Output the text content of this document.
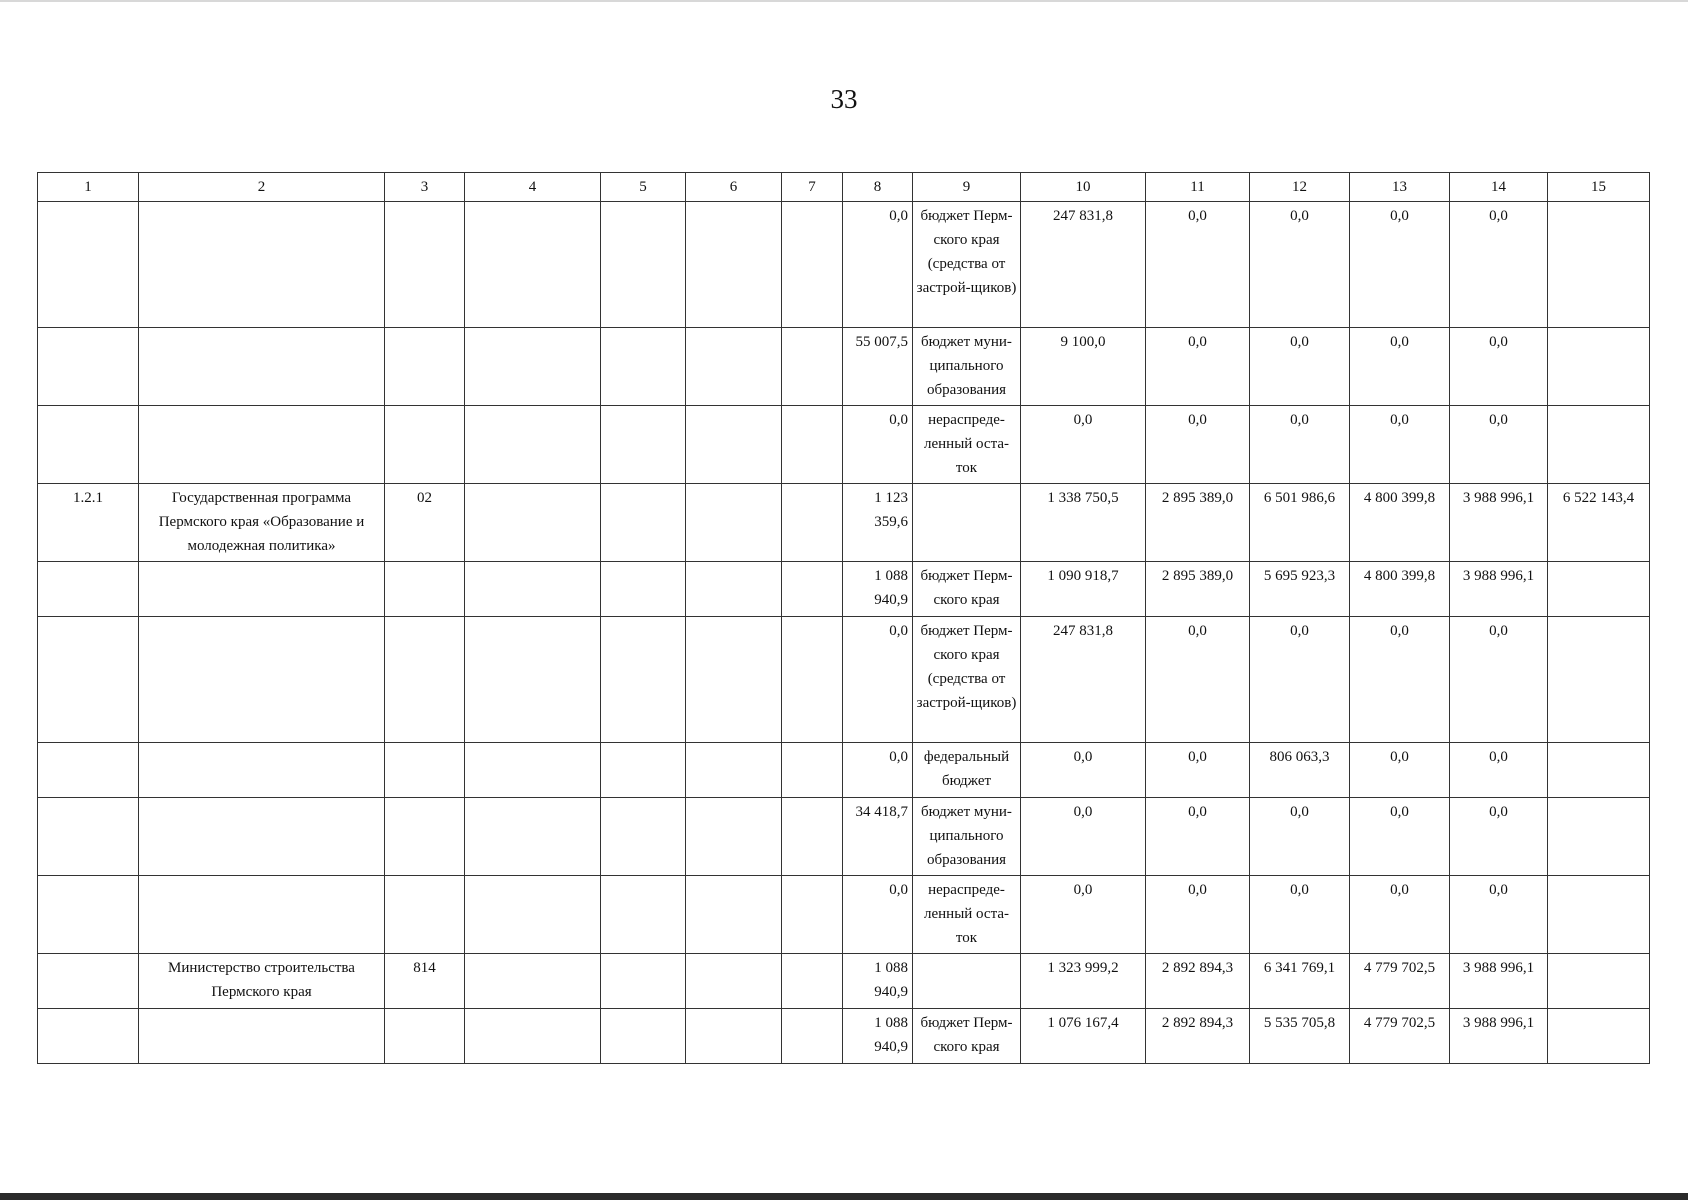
33
1	2	3	4	5	6	7	8	9	10	11	12	13	14	15
							0,0	бюджет Перм-ского края (средства от застрой-щиков)	247 831,8	0,0	0,0	0,0	0,0	
							55 007,5	бюджет муни-ципального образования	9 100,0	0,0	0,0	0,0	0,0	
							0,0	нераспреде-ленный оста-ток	0,0	0,0	0,0	0,0	0,0	
1.2.1	Государственная программа Пермского края «Образование и молодежная политика»	02					1 123 359,6		1 338 750,5	2 895 389,0	6 501 986,6	4 800 399,8	3 988 996,1	6 522 143,4
							1 088 940,9	бюджет Перм-ского края	1 090 918,7	2 895 389,0	5 695 923,3	4 800 399,8	3 988 996,1	
							0,0	бюджет Перм-ского края (средства от застрой-щиков)	247 831,8	0,0	0,0	0,0	0,0	
							0,0	федеральный бюджет	0,0	0,0	806 063,3	0,0	0,0	
							34 418,7	бюджет муни-ципального образования	0,0	0,0	0,0	0,0	0,0	
							0,0	нераспреде-ленный оста-ток	0,0	0,0	0,0	0,0	0,0	
	Министерство строительства Пермского края	814					1 088 940,9		1 323 999,2	2 892 894,3	6 341 769,1	4 779 702,5	3 988 996,1	
							1 088 940,9	бюджет Перм-ского края	1 076 167,4	2 892 894,3	5 535 705,8	4 779 702,5	3 988 996,1	
